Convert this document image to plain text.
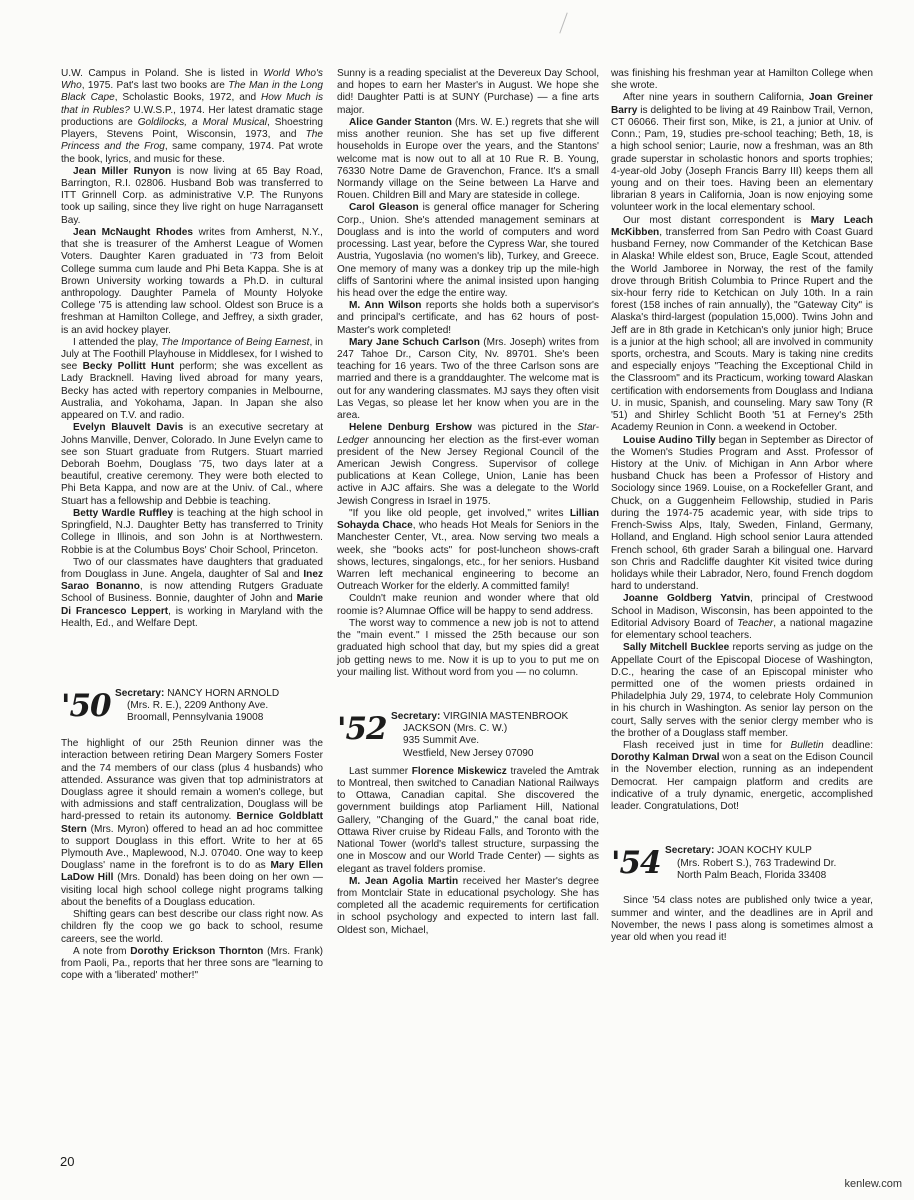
U.W. Campus in Poland. She is listed in World Who's Who, 1975. Pat's last two books are The Man in the Long Black Cape, Scholastic Books, 1972, and How Much is that in Rubles? U.W.S.P., 1974. Her latest dramatic stage productions are Goldilocks, a Moral Musical, Shoestring Players, Stevens Point, Wisconsin, 1973, and The Princess and the Frog, same company, 1974. Pat wrote the book, lyrics, and music for these.

Jean Miller Runyon is now living at 65 Bay Road, Barrington, R.I. 02806. Husband Bob was transferred to ITT Grinnell Corp. as administrative V.P. The Runyons took up sailing, since they live right on huge Narragansett Bay.

Jean McNaught Rhodes writes from Amherst, N.Y., that she is treasurer of the Amherst League of Women Voters. Daughter Karen graduated in '73 from Beloit College summa cum laude and Phi Beta Kappa. She is at Brown University working towards a Ph.D. in cultural anthropology. Daughter Pamela of Mounty Holyoke College '75 is attending law school. Oldest son Bruce is a freshman at Hamilton College, and Jeffrey, a sixth grader, is an avid hockey player.

I attended the play, The Importance of Being Earnest, in July at The Foothill Playhouse in Middlesex, for I wished to see Becky Pollitt Hunt perform; she was excellent as Lady Bracknell. Having lived abroad for many years, Becky has acted with repertory companies in Melbourne, Australia, and Yokohama, Japan. In Japan she also appeared on T.V. and radio.

Evelyn Blauvelt Davis is an executive secretary at Johns Manville, Denver, Colorado. In June Evelyn came to see son Stuart graduate from Rutgers. Stuart married Deborah Boehm, Douglass '75, two days later at a beautiful, creative ceremony. They were both elected to Phi Beta Kappa, and now are at the Univ. of Cal., where Stuart has a fellowship and Debbie is teaching.

Betty Wardle Ruffley is teaching at the high school in Springfield, N.J. Daughter Betty has transferred to Trinity College in Illinois, and son John is at Northwestern. Robbie is at the Columbus Boys' Choir School, Princeton.

Two of our classmates have daughters that graduated from Douglass in June. Angela, daughter of Sal and Inez Sarao Bonanno, is now attending Rutgers Graduate School of Business. Bonnie, daughter of John and Marie Di Francesco Leppert, is working in Maryland with the Health, Ed., and Welfare Dept.

'50 Secretary: NANCY HORN ARNOLD
(Mrs. R. E.), 2209 Anthony Ave.
Broomall, Pennsylvania 19008

The highlight of our 25th Reunion dinner was the interaction between retiring Dean Margery Somers Foster and the 74 members of our class (plus 4 husbands) who attended. Assurance was given that top administrators at Douglass agree it should remain a women's college, but with admissions and staff centralization, Douglass will be hard-pressed to retain its autonomy. Bernice Goldblatt Stern (Mrs. Myron) offered to head an ad hoc committee to support Douglass in this effort. Write to her at 65 Plymouth Ave., Maplewood, N.J. 07040. One way to keep Douglass' name in the forefront is to do as Mary Ellen LaDow Hill (Mrs. Donald) has been doing on her own — visiting local high school college night programs talking about the benefits of a Douglass education.

Shifting gears can best describe our class right now. As children fly the coop we go back to school, resume careers, see the world.

A note from Dorothy Erickson Thornton (Mrs. Frank) from Paoli, Pa., reports that her three sons are "learning to cope with a 'liberated' mother!"

Sunny is a reading specialist at the Devereux Day School, and hopes to earn her Master's in August. We hope she did! Daughter Patti is at SUNY (Purchase) — a fine arts major.

Alice Gander Stanton (Mrs. W. E.) regrets that she will miss another reunion. She has set up five different households in Europe over the years, and the Stantons' welcome mat is now out to all at 10 Rue R. B. Young, 76330 Notre Dame de Gravenchon, France. It's a small Normandy village on the Seine between La Harve and Rouen. Children Bill and Mary are stateside in college.

Carol Gleason is general office manager for Schering Corp., Union. She's attended management seminars at Douglass and is into the world of computers and word processing. Last year, before the Cypress War, she toured Austria, Yugoslavia (no women's lib), Turkey, and Greece. One memory of many was a donkey trip up the mile-high cliffs of Santorini where the animal insisted upon hanging his head over the edge the entire way.

M. Ann Wilson reports she holds both a supervisor's and principal's certificate, and has 62 hours of post-Master's work completed!

Mary Jane Schuch Carlson (Mrs. Joseph) writes from 247 Tahoe Dr., Carson City, Nv. 89701. She's been teaching for 16 years. Two of the three Carlson sons are married and there is a granddaughter. The welcome mat is out for any wandering classmates. MJ says they often visit Las Vegas, so please let her know when you are in the area.

Helene Denburg Ershow was pictured in the Star-Ledger announcing her election as the first-ever woman president of the New Jersey Regional Council of the American Jewish Congress. Supervisor of college publications at Kean College, Union, Lanie has been active in AJC affairs. She was a delegate to the World Jewish Congress in Israel in 1975.

"If you like old people, get involved," writes Lillian Sohayda Chace, who heads Hot Meals for Seniors in the Manchester Center, Vt., area. Now serving two meals a week, she "books acts" for post-luncheon shows-craft shows, lectures, singalongs, etc., for her seniors. Husband Warren left mechanical engineering to become an Outreach Worker for the elderly. A committed family!

Couldn't make reunion and wonder where that old roomie is? Alumnae Office will be happy to send address.

The worst way to commence a new job is not to attend the "main event." I missed the 25th because our son graduated high school that day, but my spies did a great job getting news to me. Now it is up to you to put me on your mailing list. Without word from you — no column.

'52 Secretary: VIRGINIA MASTENBROOK
JACKSON (Mrs. C. W.)
935 Summit Ave.
Westfield, New Jersey 07090

Last summer Florence Miskewicz traveled the Amtrak to Montreal, then switched to Canadian National Railways to Ottawa, Canadian capital. She discovered the government buildings atop Parliament Hill, National Gallery, "Changing of the Guard," the canal boat ride, Ottawa River cruise by Rideau Falls, and Toronto with the National Tower (world's tallest structure, surpassing the one in Moscow and our World Trade Center) — sights as elegant as travel folders promise.

M. Jean Agolia Martin received her Master's degree from Montclair State in educational psychology. She has completed all the academic requirements for certification in school psychology and expected to intern last fall. Oldest son, Michael,

was finishing his freshman year at Hamilton College when she wrote.

After nine years in southern California, Joan Greiner Barry is delighted to be living at 49 Rainbow Trail, Vernon, CT 06066. Their first son, Mike, is 21, a junior at Univ. of Conn.; Pam, 19, studies pre-school teaching; Beth, 18, is a high school senior; Laurie, now a freshman, was an 8th grade superstar in scholastic honors and sports trophies; 4-year-old Joby (Joseph Francis Barry III) keeps them all young and on their toes. Having been an elementary librarian 8 years in California, Joan is now enjoying some volunteer work in the local elementary school.

Our most distant correspondent is Mary Leach McKibben, transferred from San Pedro with Coast Guard husband Ferney, now Commander of the Ketchican Base in Alaska! While eldest son, Bruce, Eagle Scout, attended the World Jamboree in Norway, the rest of the family drove through British Columbia to Prince Rupert and the six-hour ferry ride to Ketchican on July 10th. In a rain forest (158 inches of rain annually), the "Gateway City" is Alaska's third-largest (population 15,000). Twins John and Jeff are in 8th grade in Ketchican's only junior high; Bruce is a junior at the high school; all are involved in community sports, orchestra, and Scouts. Mary is taking nine credits and especially enjoys "Teaching the Exceptional Child in the Classroom" and its Practicum, working toward Alaskan certification with endorsements from Douglass and Indiana U. in music, Spanish, and counseling. Mary saw Tony (R '51) and Shirley Schlicht Booth '51 at Ferney's 25th Academy Reunion in Conn. a weekend in October.

Louise Audino Tilly began in September as Director of the Women's Studies Program and Asst. Professor of History at the Univ. of Michigan in Ann Arbor where husband Chuck has been a Professor of History and Sociology since 1969. Louise, on a Rockefeller Grant, and Chuck, on a Guggenheim Fellowship, studied in Paris during the 1974-75 academic year, with side trips to French-Swiss Alps, Italy, Sweden, Finland, Germany, Holland, and England. High school senior Laura attended French school, 6th grader Sarah a bilingual one. Harvard son Chris and Radcliffe daughter Kit visited twice during holidays while their Labrador, Nero, found French dogdom hard to understand.

Joanne Goldberg Yatvin, principal of Crestwood School in Madison, Wisconsin, has been appointed to the Editorial Advisory Board of Teacher, a national magazine for elementary school teachers.

Sally Mitchell Bucklee reports serving as judge on the Appellate Court of the Episcopal Diocese of Washington, D.C., hearing the case of an Episcopal minister who permitted one of the women priests ordained in Philadelphia July 29, 1974, to celebrate Holy Communion in his church in Washington. As senior lay person on the court, Sally serves with the senior clergy member who is the brother of a Douglass staff member.

Flash received just in time for Bulletin deadline: Dorothy Kalman Drwal won a seat on the Edison Council in the November election, running as an independent Democrat. Her campaign platform and credits are indicative of a truly dynamic, energetic, accomplished leader. Congratulations, Dot!

'54 Secretary: JOAN KOCHY KULP
(Mrs. Robert S.), 763 Tradewind Dr.
North Palm Beach, Florida 33408

Since '54 class notes are published only twice a year, summer and winter, and the deadlines are in April and November, the news I pass along is sometimes almost a year old when you read it!

20
kenlew.com
